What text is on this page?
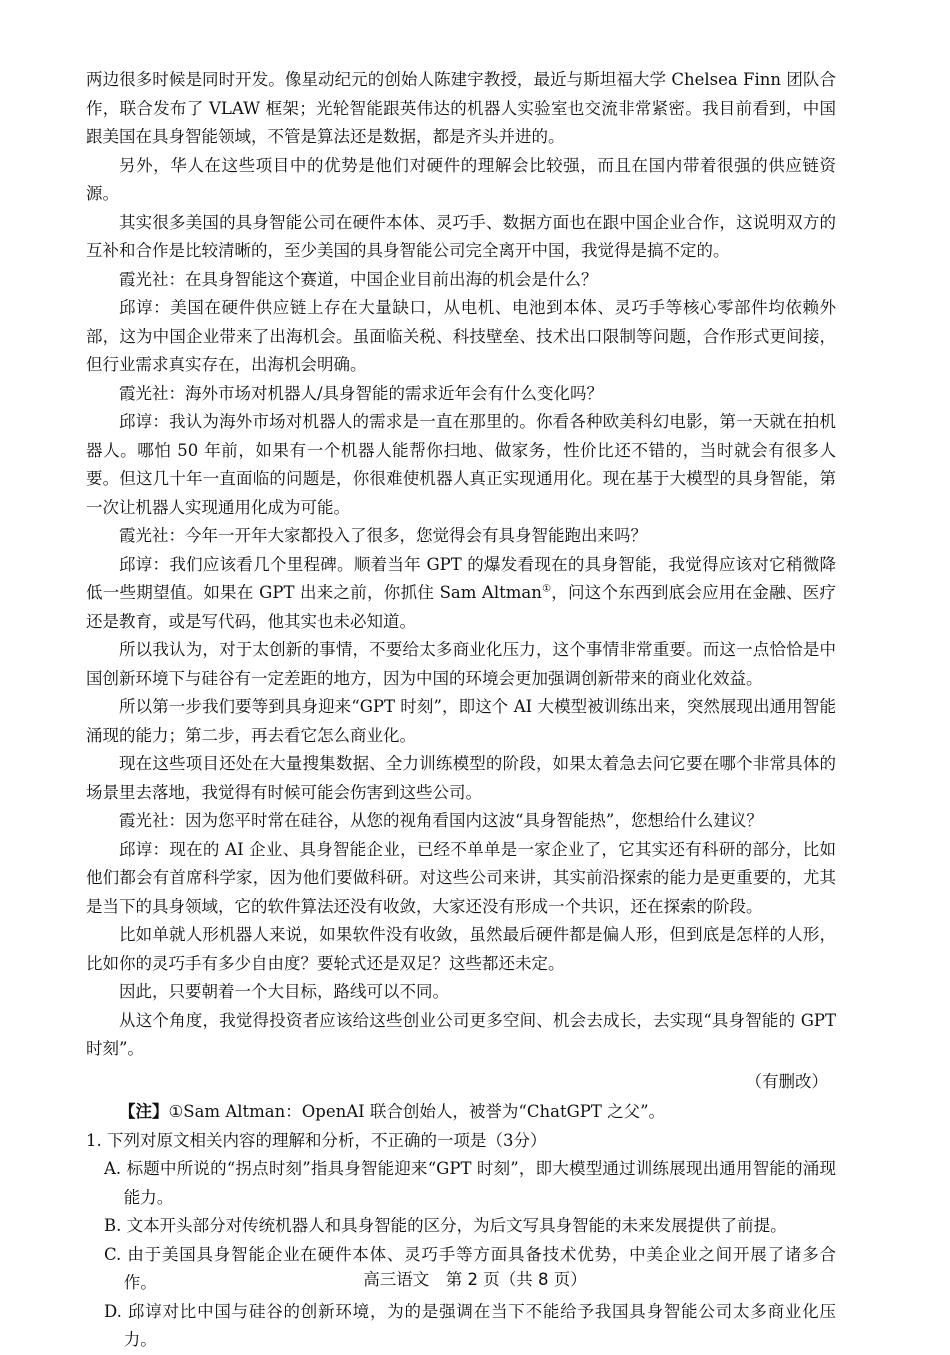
两边很多时候是同时开发。像星动纪元的创始人陈建宇教授，最近与斯坦福大学 Chelsea Finn 团队合作，联合发布了 VLAW 框架；光轮智能跟英伟达的机器人实验室也交流非常紧密。我目前看到，中国跟美国在具身智能领域，不管是算法还是数据，都是齐头并进的。

另外，华人在这些项目中的优势是他们对硬件的理解会比较强，而且在国内带着很强的供应链资源。

其实很多美国的具身智能公司在硬件本体、灵巧手、数据方面也在跟中国企业合作，这说明双方的互补和合作是比较清晰的，至少美国的具身智能公司完全离开中国，我觉得是搞不定的。

霞光社：在具身智能这个赛道，中国企业目前出海的机会是什么？

邱谆：美国在硬件供应链上存在大量缺口，从电机、电池到本体、灵巧手等核心零部件均依赖外部，这为中国企业带来了出海机会。虽面临关税、科技壁垒、技术出口限制等问题，合作形式更间接，但行业需求真实存在，出海机会明确。

霞光社：海外市场对机器人/具身智能的需求近年会有什么变化吗？

邱谆：我认为海外市场对机器人的需求是一直在那里的。你看各种欧美科幻电影，第一天就在拍机器人。哪怕 50 年前，如果有一个机器人能帮你扫地、做家务，性价比还不错的，当时就会有很多人要。但这几十年一直面临的问题是，你很难使机器人真正实现通用化。现在基于大模型的具身智能，第一次让机器人实现通用化成为可能。

霞光社：今年一开年大家都投入了很多，您觉得会有具身智能跑出来吗？

邱谆：我们应该看几个里程碑。顺着当年 GPT 的爆发看现在的具身智能，我觉得应该对它稍微降低一些期望值。如果在 GPT 出来之前，你抓住 Sam Altman①，问这个东西到底会应用在金融、医疗还是教育，或是写代码，他其实也未必知道。

所以我认为，对于太创新的事情，不要给太多商业化压力，这个事情非常重要。而这一点恰恰是中国创新环境下与硅谷有一定差距的地方，因为中国的环境会更加强调创新带来的商业化效益。

所以第一步我们要等到具身迎来“GPT 时刻”，即这个 AI 大模型被训练出来，突然展现出通用智能涌现的能力；第二步，再去看它怎么商业化。

现在这些项目还处在大量搜集数据、全力训练模型的阶段，如果太着急去问它要在哪个非常具体的场景里去落地，我觉得有时候可能会伤害到这些公司。

霞光社：因为您平时常在硅谷，从您的视角看国内这波“具身智能热”，您想给什么建议？

邱谆：现在的 AI 企业、具身智能企业，已经不单单是一家企业了，它其实还有科研的部分，比如他们都会有首席科学家，因为他们要做科研。对这些公司来讲，其实前沿探索的能力是更重要的，尤其是当下的具身领域，它的软件算法还没有收敛，大家还没有形成一个共识，还在探索的阶段。

比如单就人形机器人来说，如果软件没有收敛，虽然最后硬件都是偏人形，但到底是怎样的人形，比如你的灵巧手有多少自由度？要轮式还是双足？这些都还未定。

因此，只要朝着一个大目标，路线可以不同。

从这个角度，我觉得投资者应该给这些创业公司更多空间、机会去成长，去实现“具身智能的 GPT 时刻”。

（有删改）

【注】①Sam Altman：OpenAI 联合创始人，被誉为“ChatGPT 之父”。

1. 下列对原文相关内容的理解和分析，不正确的一项是（3分）

A. 标题中所说的“拐点时刻”指具身智能迎来“GPT 时刻”，即大模型通过训练展现出通用智能的涌现能力。

B. 文本开头部分对传统机器人和具身智能的区分，为后文写具身智能的未来发展提供了前提。

C. 由于美国具身智能企业在硬件本体、灵巧手等方面具备技术优势，中美企业之间开展了诸多合作。

D. 邱谆对比中国与硅谷的创新环境，为的是强调在当下不能给予我国具身智能公司太多商业化压力。

高三语文　第 2 页（共 8 页）
